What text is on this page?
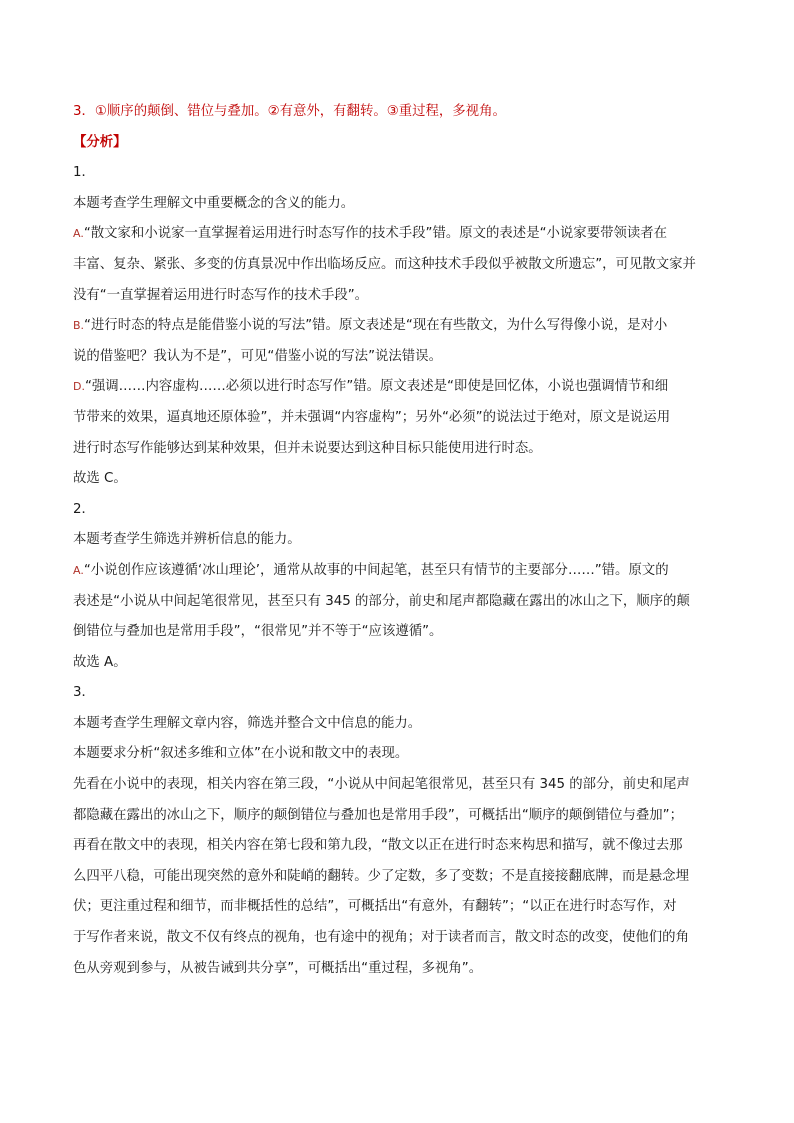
3．①顺序的颠倒、错位与叠加。②有意外，有翻转。③重过程，多视角。
【分析】
1．
本题考查学生理解文中重要概念的含义的能力。
A.“散文家和小说家一直掌握着运用进行时态写作的技术手段”错。原文的表述是“小说家要带领读者在
丰富、复杂、紧张、多变的仿真景况中作出临场反应。而这种技术手段似乎被散文所遗忘”，可见散文家并
没有“一直掌握着运用进行时态写作的技术手段”。
B.“进行时态的特点是能借鉴小说的写法”错。原文表述是“现在有些散文，为什么写得像小说，是对小
说的借鉴吧？我认为不是”，可见“借鉴小说的写法”说法错误。
D.“强调……内容虚构……必须以进行时态写作”错。原文表述是“即使是回忆体，小说也强调情节和细
节带来的效果，逼真地还原体验”，并未强调“内容虚构”；另外“必须”的说法过于绝对，原文是说运用
进行时态写作能够达到某种效果，但并未说要达到这种目标只能使用进行时态。
故选 C。
2．
本题考查学生筛选并辨析信息的能力。
A.“小说创作应该遵循‘冰山理论’，通常从故事的中间起笔，甚至只有情节的主要部分……”错。原文的
表述是“小说从中间起笔很常见，甚至只有 345 的部分，前史和尾声都隐藏在露出的冰山之下，顺序的颠
倒错位与叠加也是常用手段”，“很常见”并不等于“应该遵循”。
故选 A。
3．
本题考查学生理解文章内容，筛选并整合文中信息的能力。
本题要求分析“叙述多维和立体”在小说和散文中的表现。
先看在小说中的表现，相关内容在第三段，“小说从中间起笔很常见，甚至只有 345 的部分，前史和尾声
都隐藏在露出的冰山之下，顺序的颠倒错位与叠加也是常用手段”，可概括出“顺序的颠倒错位与叠加”；
再看在散文中的表现，相关内容在第七段和第九段，“散文以正在进行时态来构思和描写，就不像过去那
么四平八稳，可能出现突然的意外和陡峭的翻转。少了定数，多了变数；不是直接接翻底牌，而是悬念埋
伏；更注重过程和细节，而非概括性的总结”，可概括出“有意外，有翻转”；“以正在进行时态写作，对
于写作者来说，散文不仅有终点的视角，也有途中的视角；对于读者而言，散文时态的改变，使他们的角
色从旁观到参与，从被告诫到共分享”，可概括出“重过程，多视角”。
